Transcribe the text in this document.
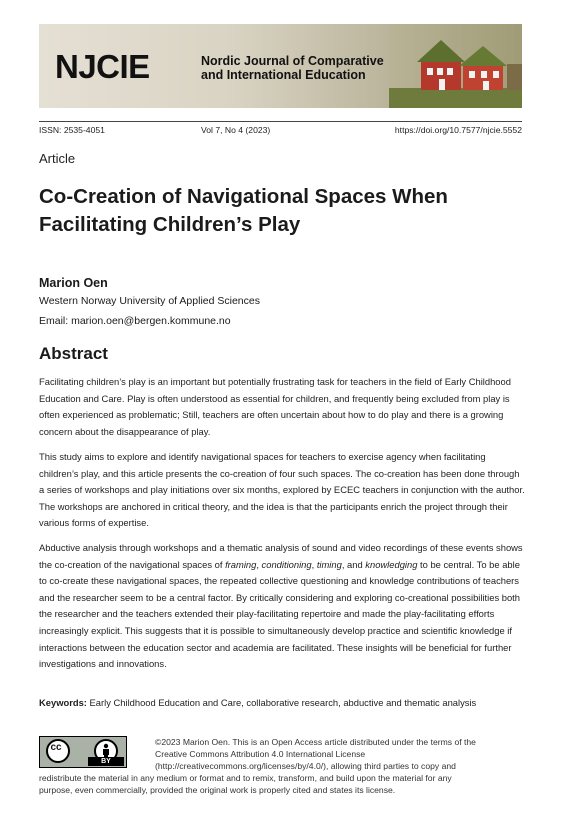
NJCIE	Nordic Journal of Comparative
and International Education
ISSN: 2535-4051	Vol 7, No 4 (2023)	https://doi.org/10.7577/njcie.5552
Article
Co-Creation of Navigational Spaces When Facilitating Children’s Play
Marion Oen
Western Norway University of Applied Sciences
Email: marion.oen@bergen.kommune.no
Abstract

Facilitating children’s play is an important but potentially frustrating task for teachers in the field of Early Childhood Education and Care. Play is often understood as essential for children, and frequently being excluded from play is often experienced as problematic; Still, teachers are often uncertain about how to do play and there is a growing concern about the disappearance of play.

This study aims to explore and identify navigational spaces for teachers to exercise agency when facilitating children’s play, and this article presents the co-creation of four such spaces. The co-creation has been done through a series of workshops and play initiations over six months, explored by ECEC teachers in conjunction with the author. The workshops are anchored in critical theory, and the idea is that the participants enrich the project through their various forms of expertise.

Abductive analysis through workshops and a thematic analysis of sound and video recordings of these events shows the co-creation of the navigational spaces of framing, conditioning, timing, and knowledging to be central. To be able to co-create these navigational spaces, the repeated collective questioning and knowledge contributions of teachers and the researcher seem to be a central factor. By critically considering and exploring co-creational possibilities both the researcher and the teachers extended their play-facilitating repertoire and made the play-facilitating efforts increasingly explicit. This suggests that it is possible to simultaneously develop practice and scientific knowledge if interactions between the education sector and academia are facilitated. These insights will be beneficial for further investigations and innovations.

Keywords: Early Childhood Education and Care, collaborative research, abductive and thematic analysis
cc
BY
©2023 Marion Oen. This is an Open Access article distributed under the terms of the
Creative Commons Attribution 4.0 International License
(http://creativecommons.org/licenses/by/4.0/), allowing third parties to copy and
redistribute the material in any medium or format and to remix, transform, and build upon the material for any
purpose, even commercially, provided the original work is properly cited and states its license.
